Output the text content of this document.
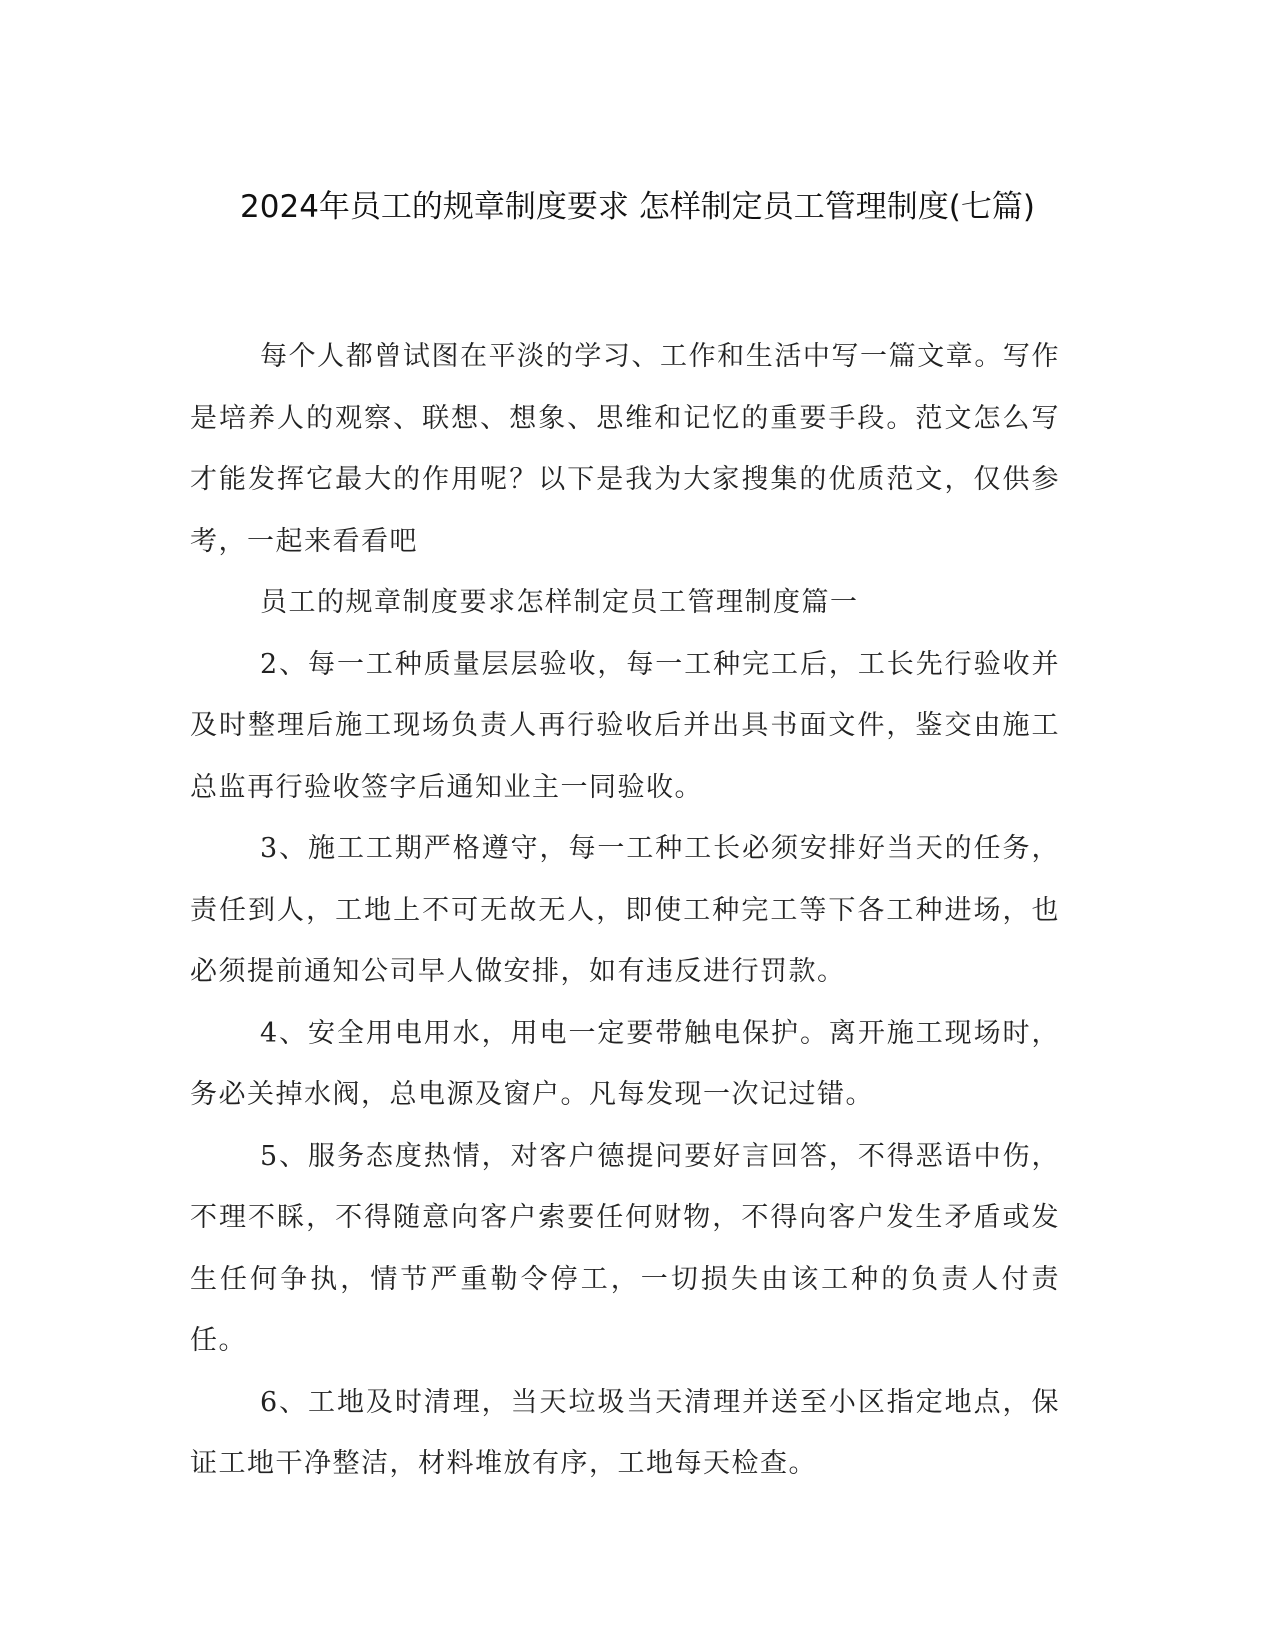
2024年员工的规章制度要求 怎样制定员工管理制度(七篇)

每个人都曾试图在平淡的学习、工作和生活中写一篇文章。写作是培养人的观察、联想、想象、思维和记忆的重要手段。范文怎么写才能发挥它最大的作用呢？以下是我为大家搜集的优质范文，仅供参考，一起来看看吧

员工的规章制度要求怎样制定员工管理制度篇一

2、每一工种质量层层验收，每一工种完工后，工长先行验收并及时整理后施工现场负责人再行验收后并出具书面文件，鉴交由施工总监再行验收签字后通知业主一同验收。

3、施工工期严格遵守，每一工种工长必须安排好当天的任务，责任到人，工地上不可无故无人，即使工种完工等下各工种进场，也必须提前通知公司早人做安排，如有违反进行罚款。

4、安全用电用水，用电一定要带触电保护。离开施工现场时，务必关掉水阀，总电源及窗户。凡每发现一次记过错。

5、服务态度热情，对客户德提问要好言回答，不得恶语中伤，不理不睬，不得随意向客户索要任何财物，不得向客户发生矛盾或发生任何争执，情节严重勒令停工，一切损失由该工种的负责人付责任。

6、工地及时清理，当天垃圾当天清理并送至小区指定地点，保证工地干净整洁，材料堆放有序，工地每天检查。
